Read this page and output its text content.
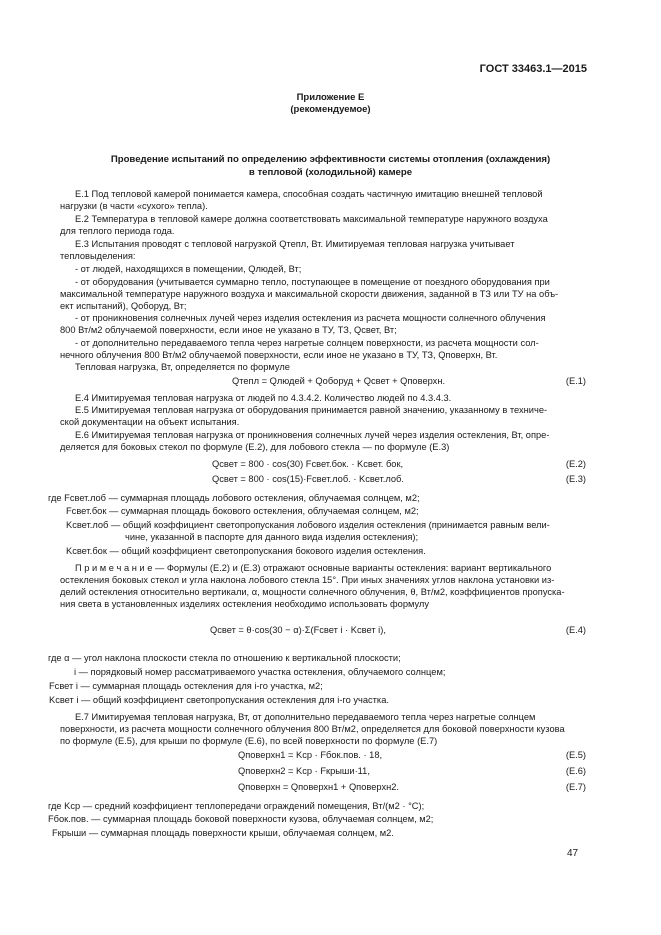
ГОСТ 33463.1—2015
Приложение Е
(рекомендуемое)
Проведение испытаний по определению эффективности системы отопления (охлаждения)
в тепловой (холодильной) камере
Е.1 Под тепловой камерой понимается камера, способная создать частичную имитацию внешней тепловой
нагрузки (в части «сухого» тепла).
Е.2 Температура в тепловой камере должна соответствовать максимальной температуре наружного воздуха
для теплого периода года.
Е.3 Испытания проводят с тепловой нагрузкой Qтепл, Вт. Имитируемая тепловая нагрузка учитывает
тепловыделения:
- от людей, находящихся в помещении, Qлюдей, Вт;
- от оборудования (учитывается суммарно тепло, поступающее в помещение от поездного оборудования при
максимальной температуре наружного воздуха и максимальной скорости движения, заданной в ТЗ или ТУ на объ-
ект испытаний), Qоборуд, Вт;
- от проникновения солнечных лучей через изделия остекления из расчета мощности солнечного облучения
800 Вт/м2 облучаемой поверхности, если иное не указано в ТУ, ТЗ, Qсвет, Вт;
- от дополнительно передаваемого тепла через нагретые солнцем поверхности, из расчета мощности сол-
нечного облучения 800 Вт/м2 облучаемой поверхности, если иное не указано в ТУ, ТЗ, Qповерхн, Вт.
Тепловая нагрузка, Вт, определяется по формуле
Qтепл = Qлюдей + Qоборуд + Qсвет + Qповерхн.	(Е.1)
Е.4 Имитируемая тепловая нагрузка от людей по 4.3.4.2. Количество людей по 4.3.4.3.
Е.5 Имитируемая тепловая нагрузка от оборудования принимается равной значению, указанному в техниче-
ской документации на объект испытания.
Е.6 Имитируемая тепловая нагрузка от проникновения солнечных лучей через изделия остекления, Вт, опре-
деляется для боковых стекол по формуле (Е.2), для лобового стекла — по формуле (Е.3)
Qсвет = 800 · cos(30) Fсвет.бок. · Kсвет. бок,	(Е.2)
Qсвет = 800 · cos(15)·Fсвет.лоб. · Kсвет.лоб.	(Е.3)
где Fсвет.лоб — суммарная площадь лобового остекления, облучаемая солнцем, м2;
Fсвет.бок — суммарная площадь бокового остекления, облучаемая солнцем, м2;
Kсвет.лоб — общий коэффициент светопропускания лобового изделия остекления (принимается равным вели-
чине, указанной в паспорте для данного вида изделия остекления);
Kсвет.бок — общий коэффициент светопропускания бокового изделия остекления.
П р и м е ч а н и е — Формулы (Е.2) и (Е.3) отражают основные варианты остекления: вариант вертикального
остекления боковых стекол и угла наклона лобового стекла 15°. При иных значениях углов наклона установки из-
делий остекления относительно вертикали, α, мощности солнечного облучения, θ, Вт/м2, коэффициентов пропуска-
ния света в установленных изделиях остекления необходимо использовать формулу
Qсвет = θ·cos(30 − α)·Σ(Fсвет i · Kсвет i),	(Е.4)
где α — угол наклона плоскости стекла по отношению к вертикальной плоскости;
i — порядковый номер рассматриваемого участка остекления, облучаемого солнцем;
Fсвет i — суммарная площадь остекления для i-го участка, м2;
Kсвет i — общий коэффициент светопропускания остекления для i-го участка.
Е.7 Имитируемая тепловая нагрузка, Вт, от дополнительно передаваемого тепла через нагретые солнцем
поверхности, из расчета мощности солнечного облучения 800 Вт/м2, определяется для боковой поверхности кузова
по формуле (Е.5), для крыши по формуле (Е.6), по всей поверхности по формуле (Е.7)
Qповерхн1 = Kср · Fбок.пов. · 18,	(Е.5)
Qповерхн2 = Kср · Fкрыши·11,	(Е.6)
Qповерхн = Qповерхн1 + Qповерхн2.	(Е.7)
где Kср — средний коэффициент теплопередачи ограждений помещения, Вт/(м2 · °С);
Fбок.пов. — суммарная площадь боковой поверхности кузова, облучаемая солнцем, м2;
Fкрыши — суммарная площадь поверхности крыши, облучаемая солнцем, м2.
47
